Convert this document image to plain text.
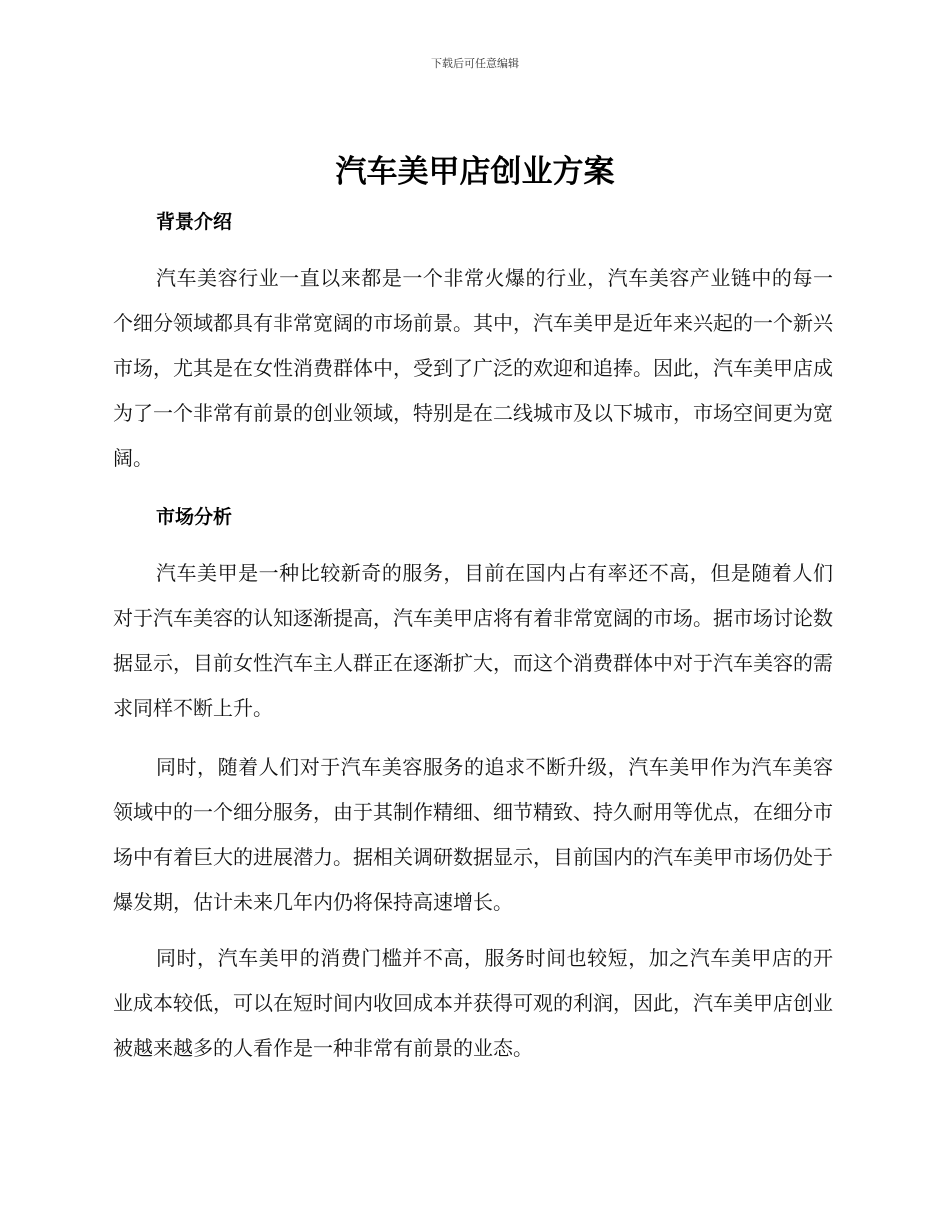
下载后可任意编辑
汽车美甲店创业方案
背景介绍
汽车美容行业一直以来都是一个非常火爆的行业，汽车美容产业链中的每一个细分领域都具有非常宽阔的市场前景。其中，汽车美甲是近年来兴起的一个新兴市场，尤其是在女性消费群体中，受到了广泛的欢迎和追捧。因此，汽车美甲店成为了一个非常有前景的创业领域，特别是在二线城市及以下城市，市场空间更为宽阔。
市场分析
汽车美甲是一种比较新奇的服务，目前在国内占有率还不高，但是随着人们对于汽车美容的认知逐渐提高，汽车美甲店将有着非常宽阔的市场。据市场讨论数据显示，目前女性汽车主人群正在逐渐扩大，而这个消费群体中对于汽车美容的需求同样不断上升。
同时，随着人们对于汽车美容服务的追求不断升级，汽车美甲作为汽车美容领域中的一个细分服务，由于其制作精细、细节精致、持久耐用等优点，在细分市场中有着巨大的进展潜力。据相关调研数据显示，目前国内的汽车美甲市场仍处于爆发期，估计未来几年内仍将保持高速增长。
同时，汽车美甲的消费门槛并不高，服务时间也较短，加之汽车美甲店的开业成本较低，可以在短时间内收回成本并获得可观的利润，因此，汽车美甲店创业被越来越多的人看作是一种非常有前景的业态。
